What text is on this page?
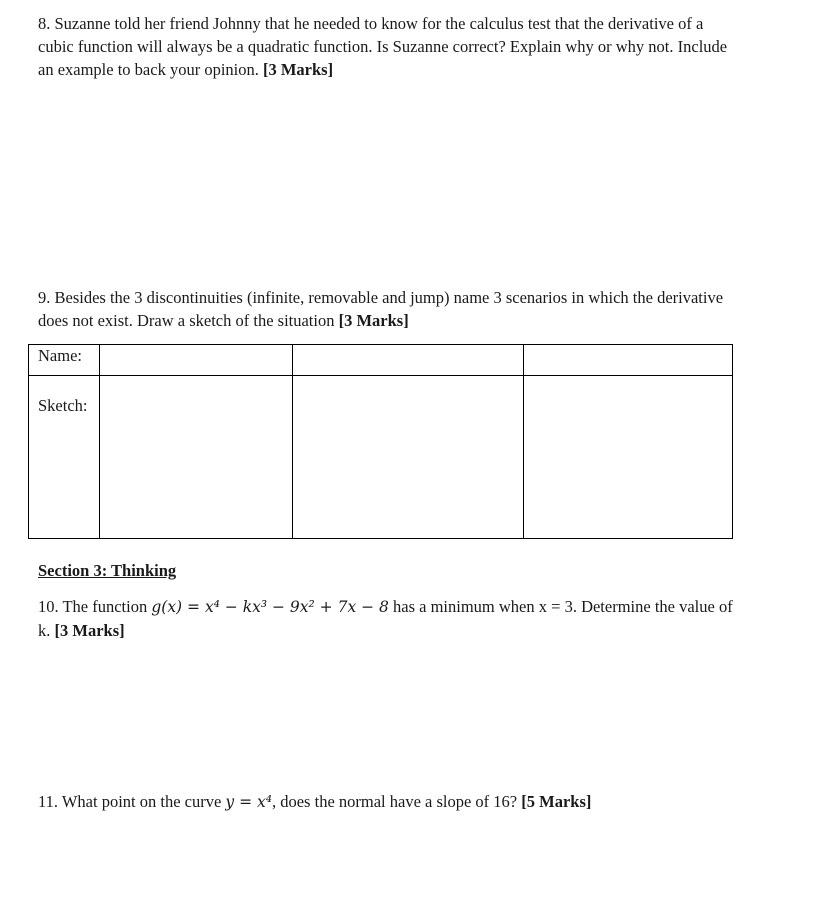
8. Suzanne told her friend Johnny that he needed to know for the calculus test that the derivative of a cubic function will always be a quadratic function. Is Suzanne correct? Explain why or why not. Include an example to back your opinion. [3 Marks]

9. Besides the 3 discontinuities (infinite, removable and jump) name 3 scenarios in which the derivative does not exist. Draw a sketch of the situation [3 Marks]

Name:			
Sketch:			
Section 3: Thinking

10. The function g(x) = x⁴ − kx³ − 9x² + 7x − 8 has a minimum when x = 3. Determine the value of k. [3 Marks]

11. What point on the curve y = x⁴, does the normal have a slope of 16? [5 Marks]
